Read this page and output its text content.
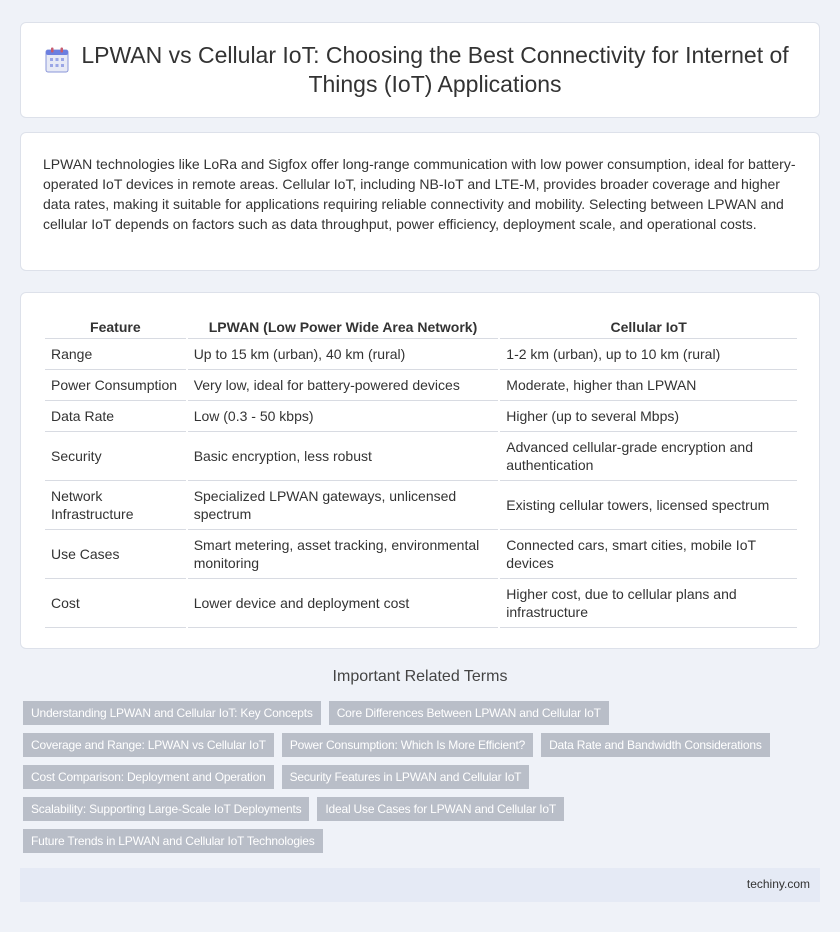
LPWAN vs Cellular IoT: Choosing the Best Connectivity for Internet of Things (IoT) Applications

LPWAN technologies like LoRa and Sigfox offer long-range communication with low power consumption, ideal for battery-operated IoT devices in remote areas. Cellular IoT, including NB-IoT and LTE-M, provides broader coverage and higher data rates, making it suitable for applications requiring reliable connectivity and mobility. Selecting between LPWAN and cellular IoT depends on factors such as data throughput, power efficiency, deployment scale, and operational costs.

Feature	LPWAN (Low Power Wide Area Network)	Cellular IoT
Range	Up to 15 km (urban), 40 km (rural)	1-2 km (urban), up to 10 km (rural)
Power Consumption	Very low, ideal for battery-powered devices	Moderate, higher than LPWAN
Data Rate	Low (0.3 - 50 kbps)	Higher (up to several Mbps)
Security	Basic encryption, less robust	Advanced cellular-grade encryption and authentication
Network Infrastructure	Specialized LPWAN gateways, unlicensed spectrum	Existing cellular towers, licensed spectrum
Use Cases	Smart metering, asset tracking, environmental monitoring	Connected cars, smart cities, mobile IoT devices
Cost	Lower device and deployment cost	Higher cost, due to cellular plans and infrastructure
Important Related Terms
Understanding LPWAN and Cellular IoT: Key Concepts	Core Differences Between LPWAN and Cellular IoT
Coverage and Range: LPWAN vs Cellular IoT	Power Consumption: Which Is More Efficient?	Data Rate and Bandwidth Considerations
Cost Comparison: Deployment and Operation	Security Features in LPWAN and Cellular IoT
Scalability: Supporting Large-Scale IoT Deployments	Ideal Use Cases for LPWAN and Cellular IoT
Future Trends in LPWAN and Cellular IoT Technologies
techiny.com
